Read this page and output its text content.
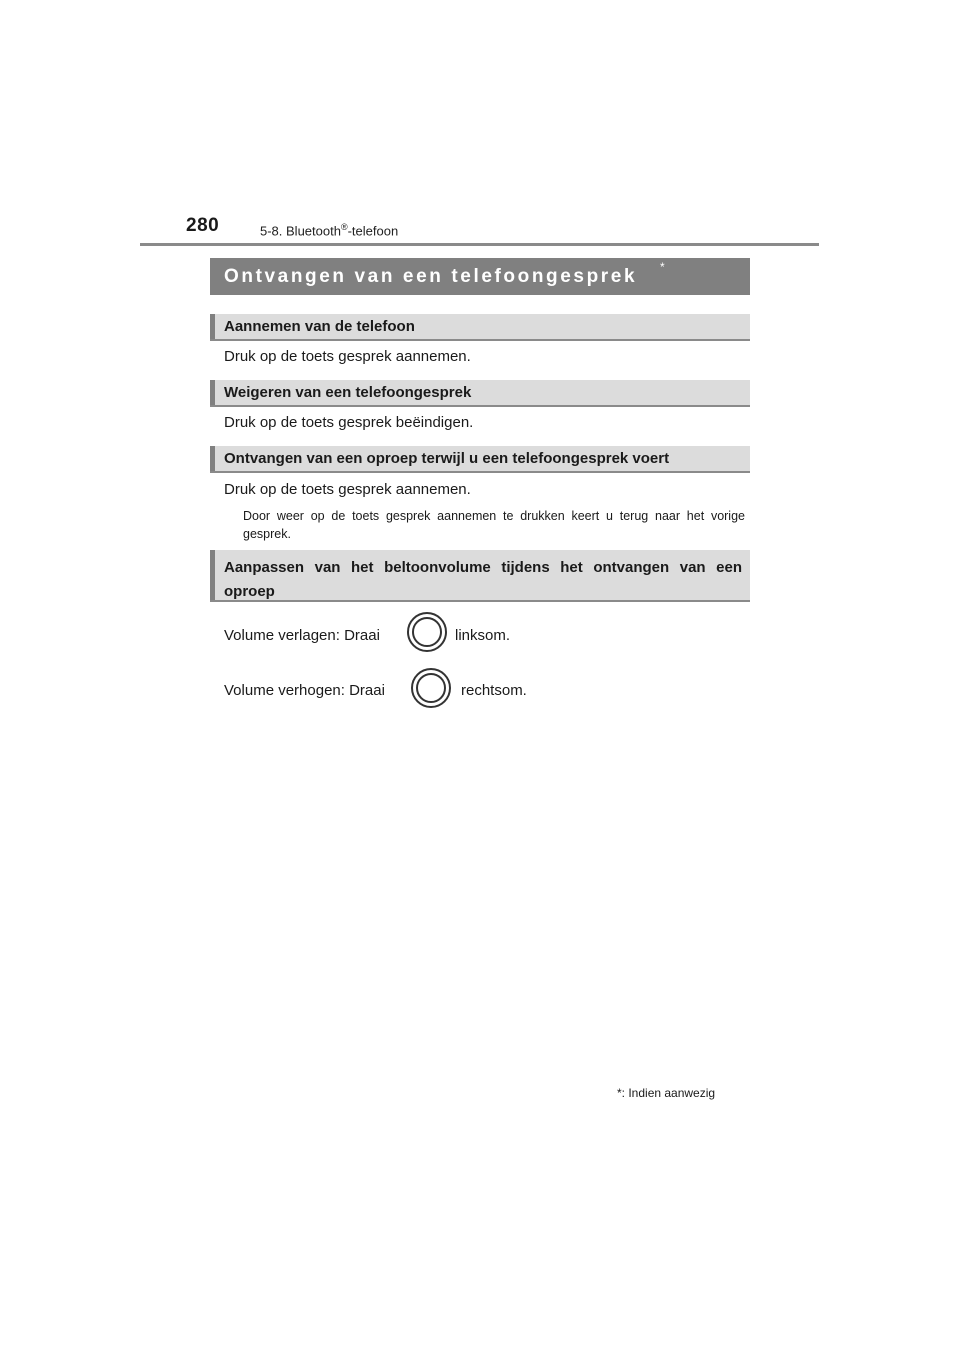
280	5-8. Bluetooth®-telefoon
Ontvangen van een telefoongesprek *
Aannemen van de telefoon
Druk op de toets gesprek aannemen.
Weigeren van een telefoongesprek
Druk op de toets gesprek beëindigen.
Ontvangen van een oproep terwijl u een telefoongesprek voert
Druk op de toets gesprek aannemen.
Door weer op de toets gesprek aannemen te drukken keert u terug naar het vorige gesprek.
Aanpassen van het beltoonvolume tijdens het ontvangen van een oproep
Volume verlagen: Draai	linksom.
Volume verhogen: Draai	rechtsom.
*: Indien aanwezig
